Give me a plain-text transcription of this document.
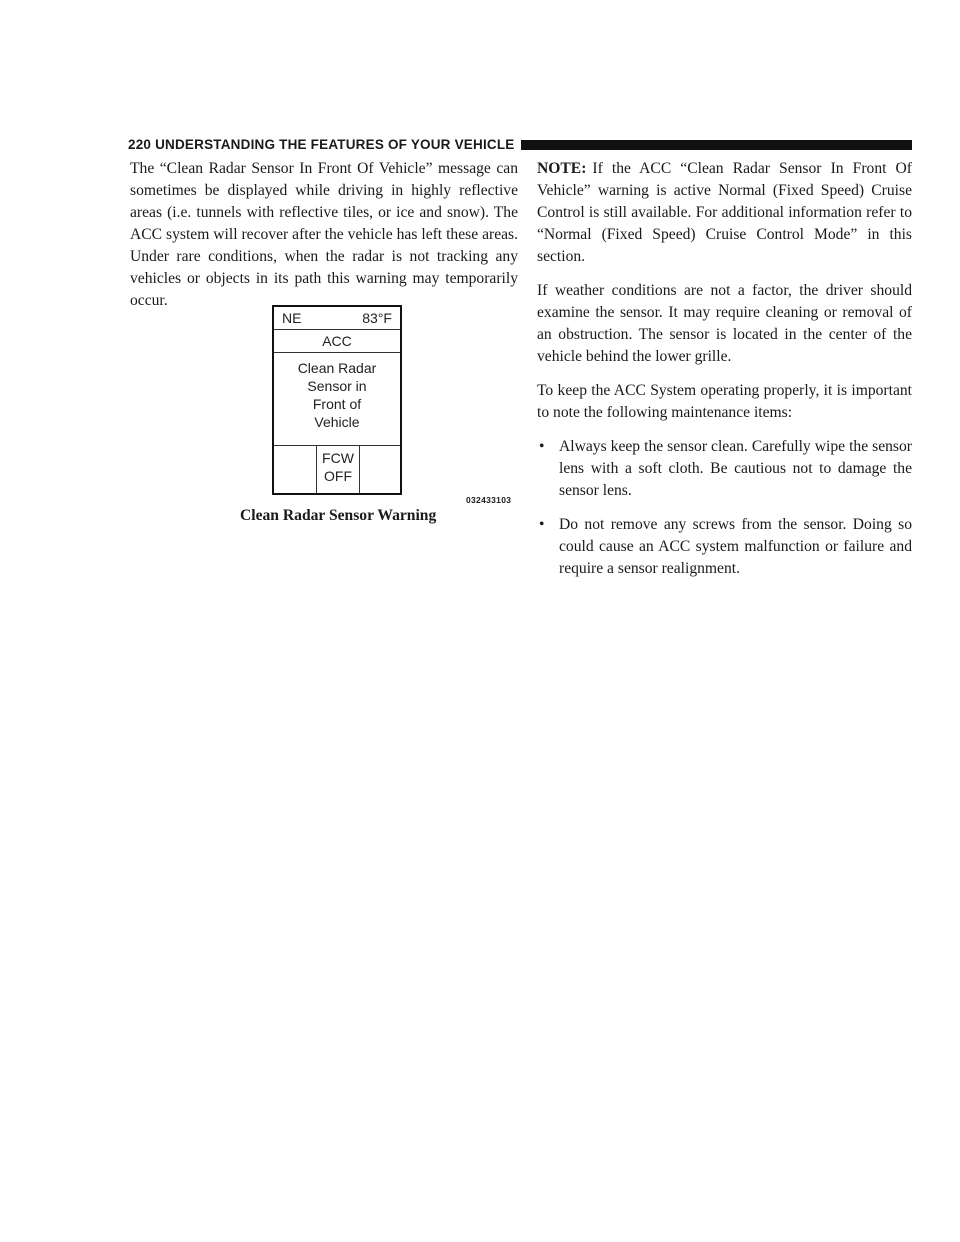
220 UNDERSTANDING THE FEATURES OF YOUR VEHICLE

The “Clean Radar Sensor In Front Of Vehicle” message can sometimes be displayed while driving in highly reflective areas (i.e. tunnels with reflective tiles, or ice and snow). The ACC system will recover after the vehicle has left these areas. Under rare conditions, when the radar is not tracking any vehicles or objects in its path this warning may temporarily occur.

NE	83°F
ACC
Clean Radar
Sensor in
Front of
Vehicle
FCW
OFF
032433103
Clean Radar Sensor Warning

NOTE: If the ACC “Clean Radar Sensor In Front Of Vehicle” warning is active Normal (Fixed Speed) Cruise Control is still available. For additional information refer to “Normal (Fixed Speed) Cruise Control Mode” in this section.

If weather conditions are not a factor, the driver should examine the sensor. It may require cleaning or removal of an obstruction. The sensor is located in the center of the vehicle behind the lower grille.

To keep the ACC System operating properly, it is important to note the following maintenance items:

• Always keep the sensor clean. Carefully wipe the sensor lens with a soft cloth. Be cautious not to damage the sensor lens.
• Do not remove any screws from the sensor. Doing so could cause an ACC system malfunction or failure and require a sensor realignment.
